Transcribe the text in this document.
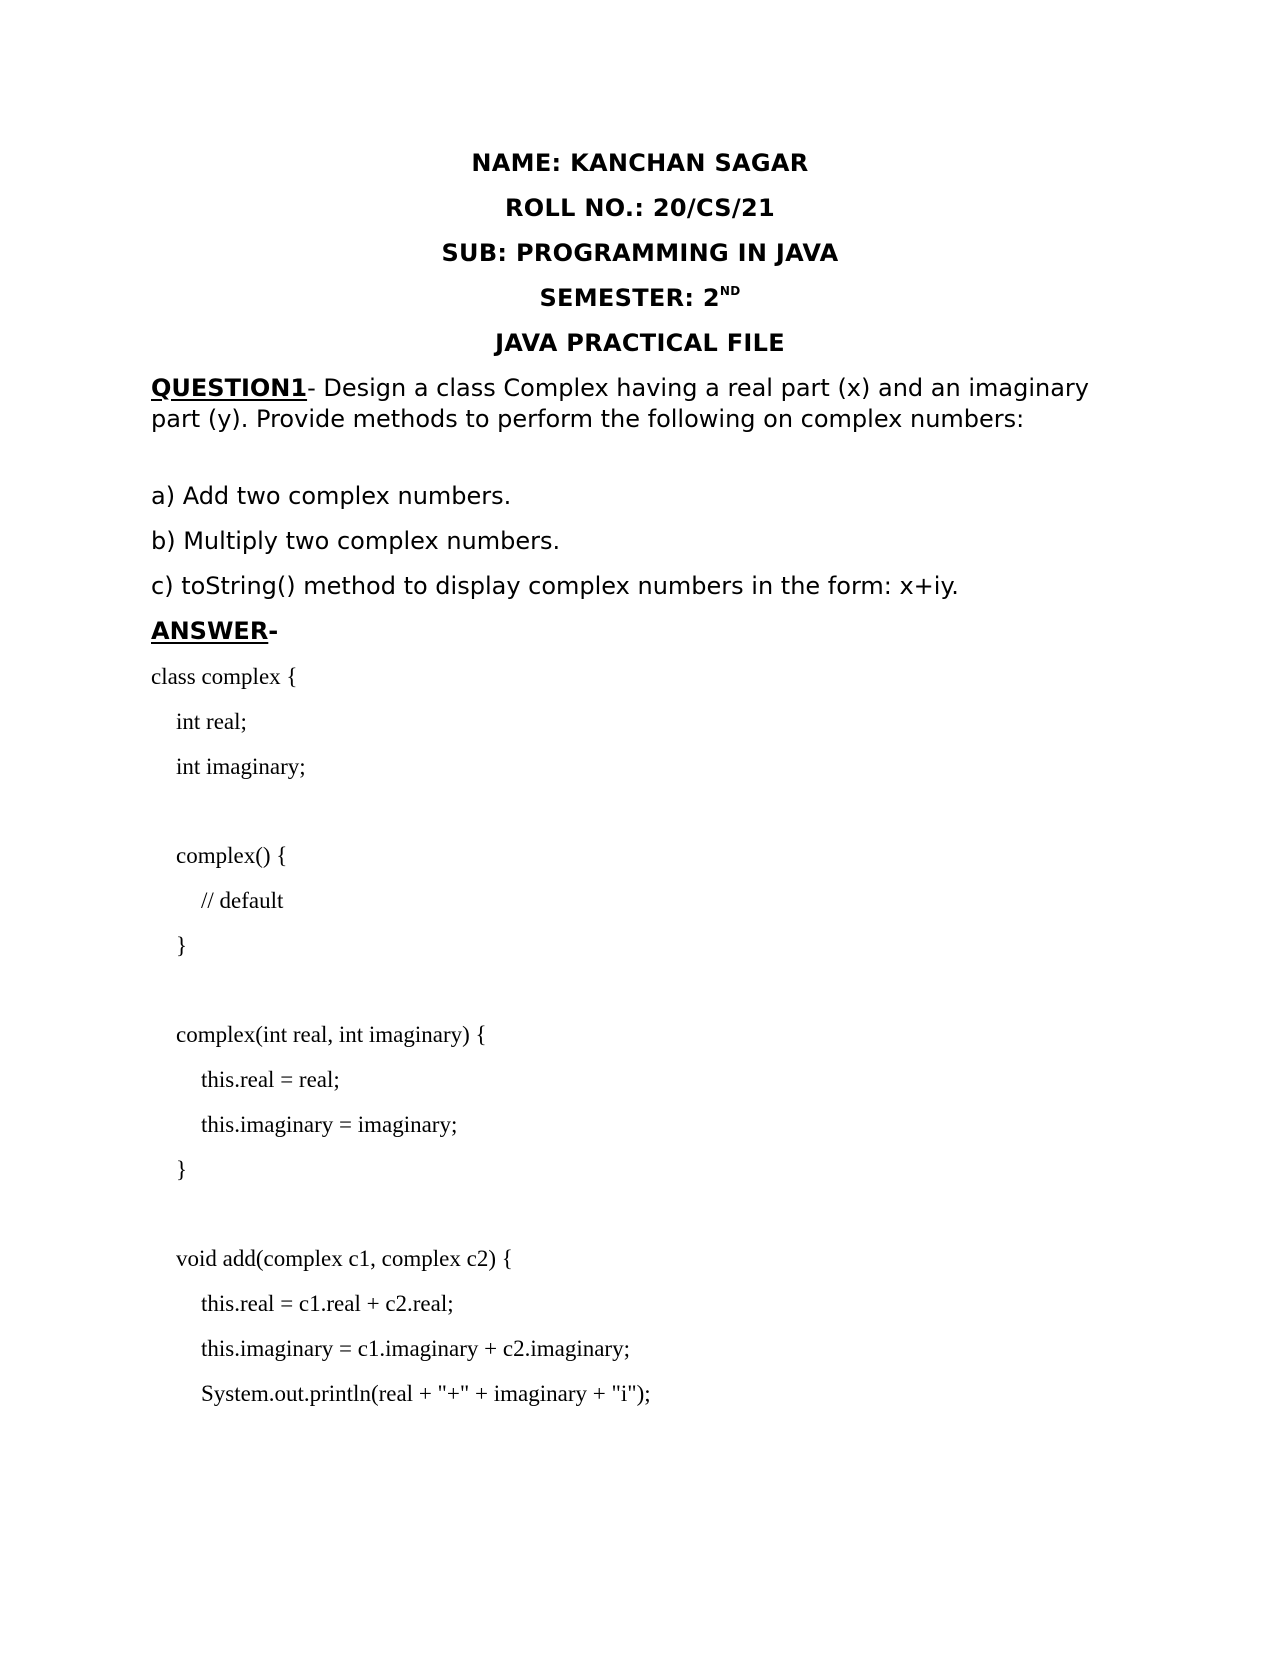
NAME: KANCHAN SAGAR
ROLL NO.: 20/CS/21
SUB: PROGRAMMING IN JAVA
SEMESTER: 2ND
JAVA PRACTICAL FILE
QUESTION1- Design a class Complex having a real part (x) and an imaginary part (y). Provide methods to perform the following on complex numbers:
a) Add two complex numbers.
b) Multiply two complex numbers.
c) toString() method to display complex numbers in the form: x+iy.
ANSWER-
class complex {
int real;
int imaginary;
complex() {
// default
}
complex(int real, int imaginary) {
this.real = real;
this.imaginary = imaginary;
}
void add(complex c1, complex c2) {
this.real = c1.real + c2.real;
this.imaginary = c1.imaginary + c2.imaginary;
System.out.println(real + "+" + imaginary + "i");
